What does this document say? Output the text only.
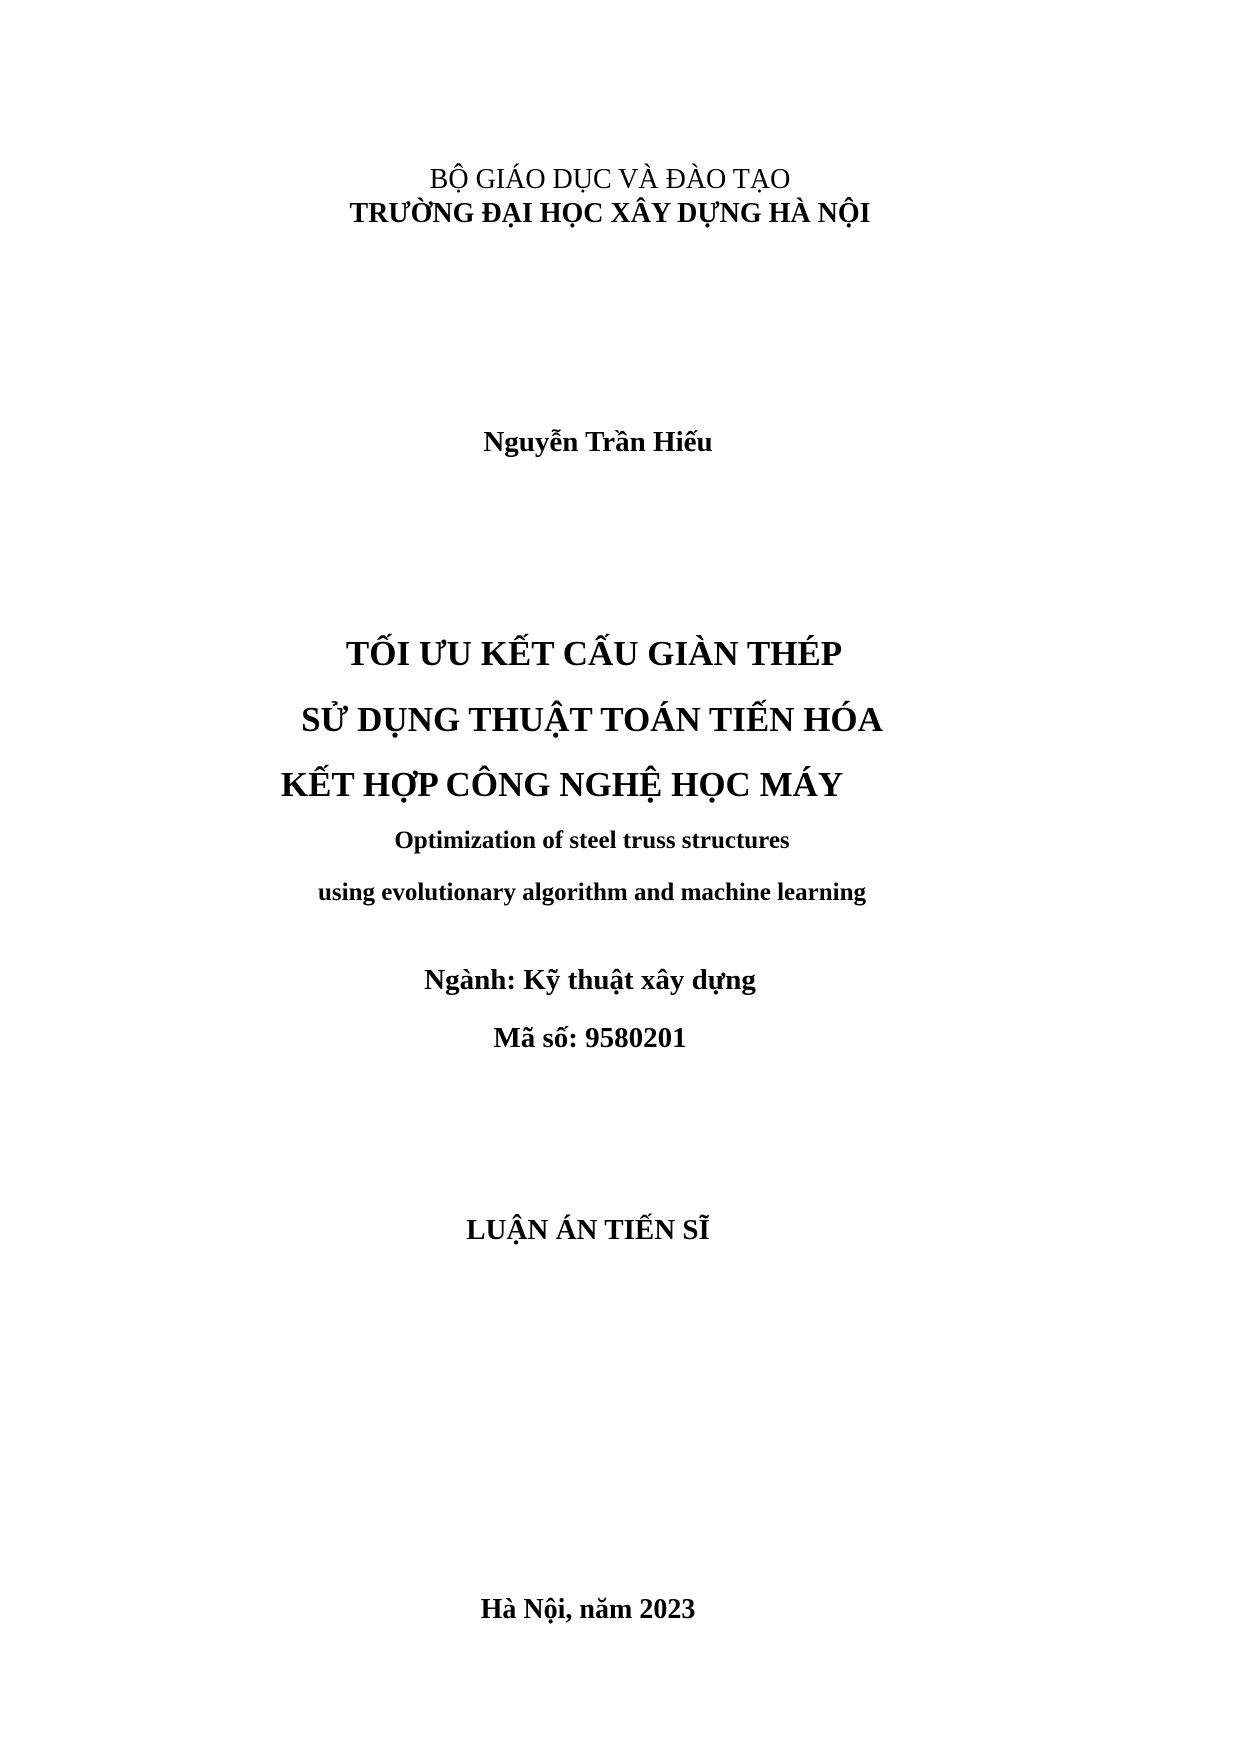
BỘ GIÁO DỤC VÀ ĐÀO TẠO
TRƯỜNG ĐẠI HỌC XÂY DỰNG HÀ NỘI
Nguyễn Trần Hiếu
TỐI ƯU KẾT CẤU GIÀN THÉP
SỬ DỤNG THUẬT TOÁN TIẾN HÓA
KẾT HỢP CÔNG NGHỆ HỌC MÁY
Optimization of steel truss structures
using evolutionary algorithm and machine learning
Ngành: Kỹ thuật xây dựng
Mã số: 9580201
LUẬN ÁN TIẾN SĨ
Hà Nội, năm 2023
